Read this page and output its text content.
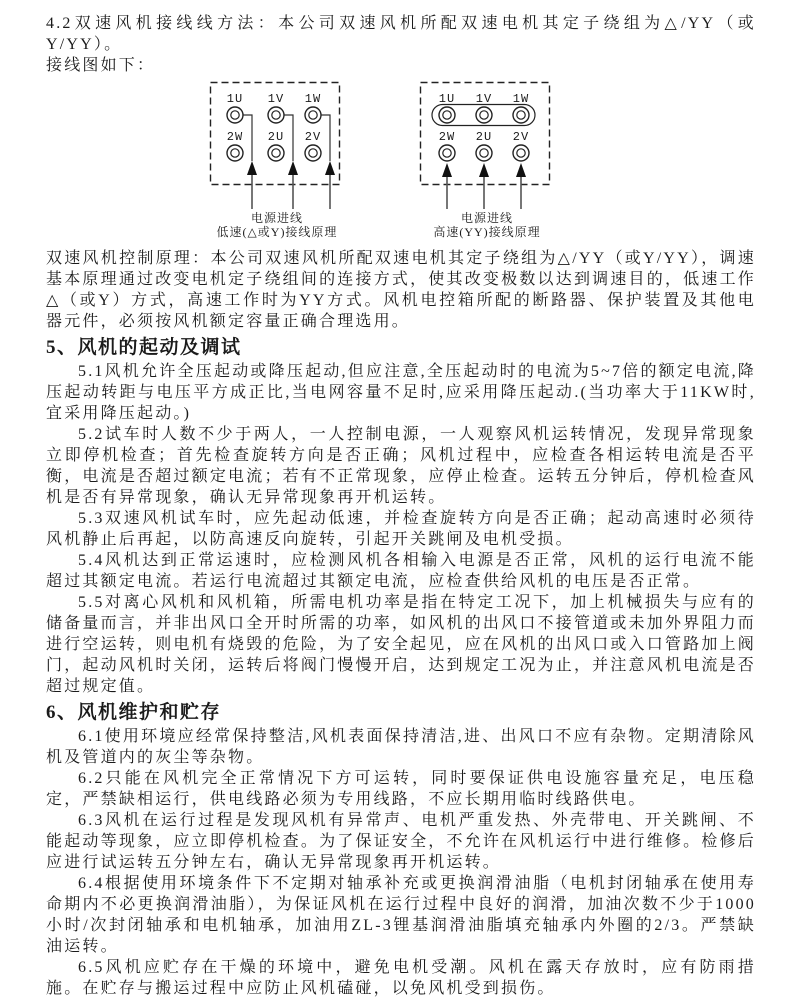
4.2双速风机接线线方法：本公司双速风机所配双速电机其定子绕组为△/YY（或Y/YY）。

接线图如下：

1U
2W
1V
2U
1W
2V
电源进线
低速(△或Y)接线原理
1U
2W
1V
2U
1W
2V
电源进线
高速(YY)接线原理

双速风机控制原理：本公司双速风机所配双速电机其定子绕组为△/YY（或Y/YY），调速基本原理通过改变电机定子绕组间的连接方式，使其改变极数以达到调速目的，低速工作△（或Y）方式，高速工作时为YY方式。风机电控箱所配的断路器、保护装置及其他电器元件，必须按风机额定容量正确合理选用。

5、风机的起动及调试

5.1风机允许全压起动或降压起动,但应注意,全压起动时的电流为5~7倍的额定电流,降压起动转距与电压平方成正比,当电网容量不足时,应采用降压起动.(当功率大于11KW时,宜采用降压起动。)

5.2试车时人数不少于两人，一人控制电源，一人观察风机运转情况，发现异常现象立即停机检查；首先检查旋转方向是否正确；风机过程中，应检查各相运转电流是否平衡，电流是否超过额定电流；若有不正常现象，应停止检查。运转五分钟后，停机检查风机是否有异常现象，确认无异常现象再开机运转。

5.3双速风机试车时，应先起动低速，并检查旋转方向是否正确；起动高速时必须待风机静止后再起，以防高速反向旋转，引起开关跳闸及电机受损。

5.4风机达到正常运速时，应检测风机各相输入电源是否正常，风机的运行电流不能超过其额定电流。若运行电流超过其额定电流，应检查供给风机的电压是否正常。

5.5对离心风机和风机箱，所需电机功率是指在特定工况下，加上机械损失与应有的储备量而言，并非出风口全开时所需的功率，如风机的出风口不接管道或未加外界阻力而进行空运转，则电机有烧毁的危险，为了安全起见，应在风机的出风口或入口管路加上阀门，起动风机时关闭，运转后将阀门慢慢开启，达到规定工况为止，并注意风机电流是否超过规定值。

6、风机维护和贮存

6.1使用环境应经常保持整洁,风机表面保持清洁,进、出风口不应有杂物。定期清除风机及管道内的灰尘等杂物。

6.2只能在风机完全正常情况下方可运转，同时要保证供电设施容量充足，电压稳定，严禁缺相运行，供电线路必须为专用线路，不应长期用临时线路供电。

6.3风机在运行过程是发现风机有异常声、电机严重发热、外壳带电、开关跳闸、不能起动等现象，应立即停机检查。为了保证安全，不允许在风机运行中进行维修。检修后应进行试运转五分钟左右，确认无异常现象再开机运转。

6.4根据使用环境条件下不定期对轴承补充或更换润滑油脂（电机封闭轴承在使用寿命期内不必更换润滑油脂），为保证风机在运行过程中良好的润滑，加油次数不少于1000小时/次封闭轴承和电机轴承，加油用ZL-3锂基润滑油脂填充轴承内外圈的2/3。严禁缺油运转。

6.5风机应贮存在干燥的环境中，避免电机受潮。风机在露天存放时，应有防雨措施。在贮存与搬运过程中应防止风机磕碰，以免风机受到损伤。
